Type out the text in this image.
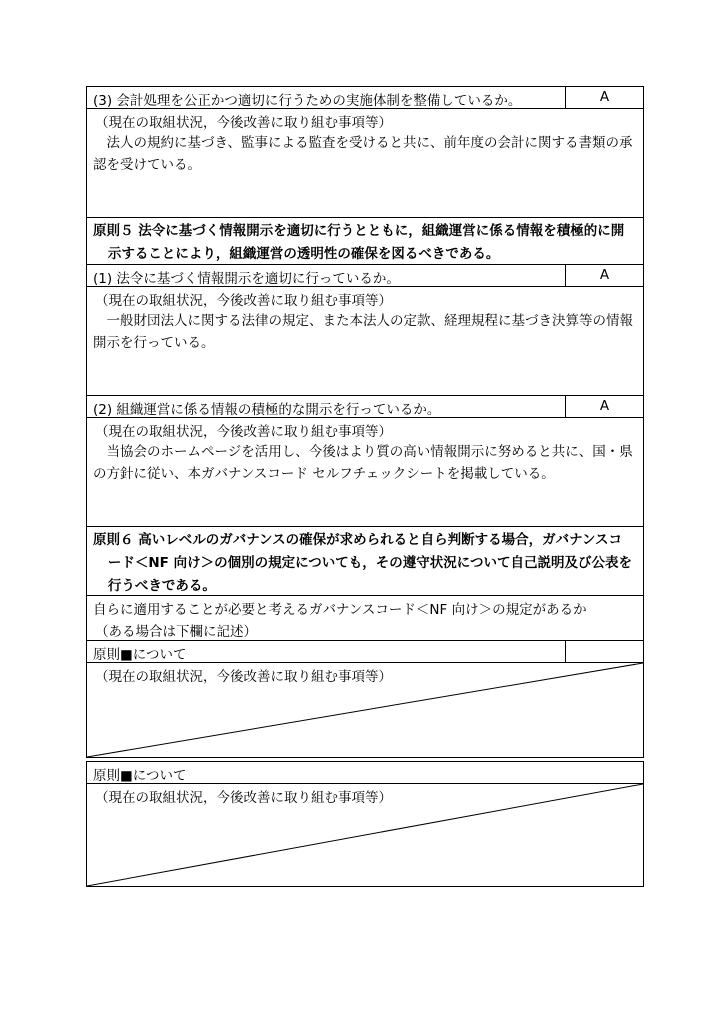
(3) 会計処理を公正かつ適切に行うための実施体制を整備しているか。	A
（現在の取組状況，今後改善に取り組む事項等）
法人の規約に基づき、監事による監査を受けると共に、前年度の会計に関する書類の承認を受けている。
原則５ 法令に基づく情報開示を適切に行うとともに，組織運営に係る情報を積極的に開示することにより，組織運営の透明性の確保を図るべきである。
(1) 法令に基づく情報開示を適切に行っているか。	A
（現在の取組状況，今後改善に取り組む事項等）
一般財団法人に関する法律の規定、また本法人の定款、経理規程に基づき決算等の情報開示を行っている。
(2) 組織運営に係る情報の積極的な開示を行っているか。	A
（現在の取組状況，今後改善に取り組む事項等）
当協会のホームページを活用し、今後はより質の高い情報開示に努めると共に、国・県の方針に従い、本ガバナンスコード セルフチェックシートを掲載している。
原則６ 高いレベルのガバナンスの確保が求められると自ら判断する場合，ガバナンスコード＜NF 向け＞の個別の規定についても，その遵守状況について自己説明及び公表を行うべきである。
自らに適用することが必要と考えるガバナンスコード＜NF 向け＞の規定があるか
（ある場合は下欄に記述）
原則■について
（現在の取組状況，今後改善に取り組む事項等）
原則■について
（現在の取組状況，今後改善に取り組む事項等）
